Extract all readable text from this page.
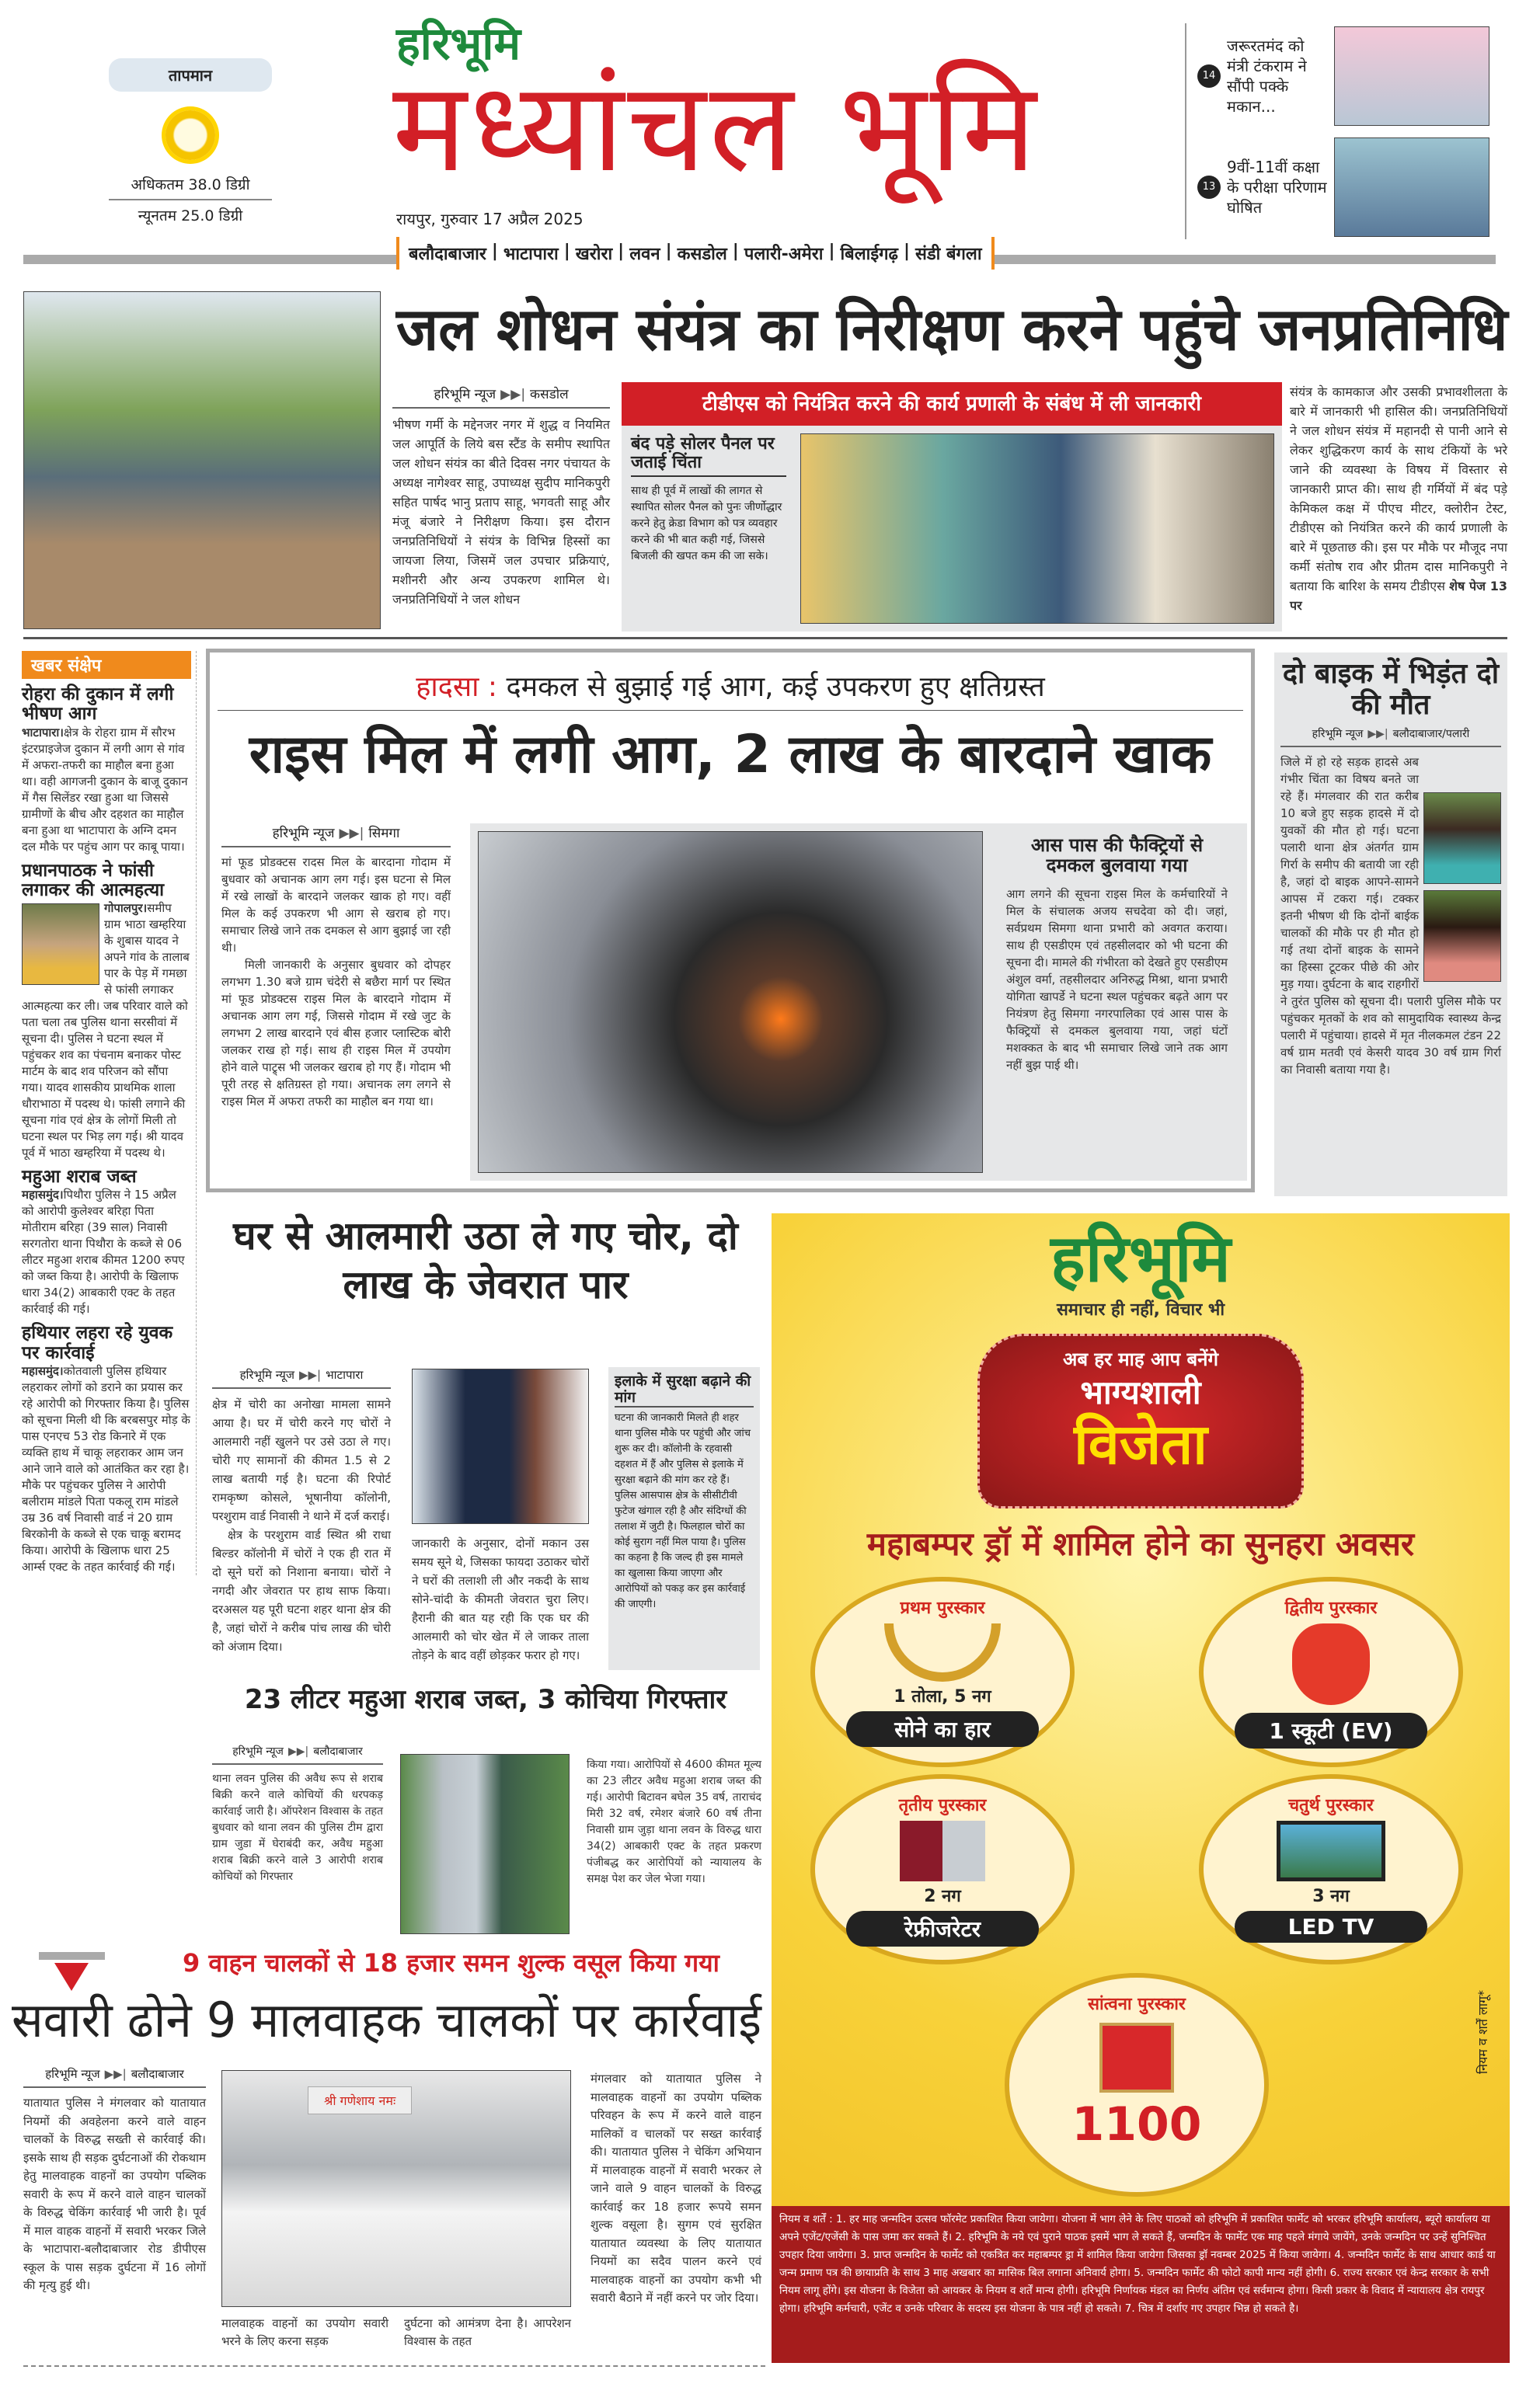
तापमान
अधिकतम 38.0 डिग्री
न्यूनतम 25.0 डिग्री
हरिभूमि
मध्यांचल भूमि
रायपुर, गुरुवार 17 अप्रैल 2025
14
जरूरतमंद को मंत्री टंकराम ने सौंपी पक्के मकान...
13
9वीं-11वीं कक्षा के परीक्षा परिणाम घोषित
बलौदाबाजार | भाटापारा | खरोरा | लवन | कसडोल | पलारी-अमेरा | बिलाईगढ़ | संडी बंगला
जल शोधन संयंत्र का निरीक्षण करने पहुंचे जनप्रतिनिधि
हरिभूमि न्यूज ▶▶| कसडोल
भीषण गर्मी के मद्देनजर नगर में शुद्ध व नियमित जल आपूर्ति के लिये बस स्टैंड के समीप स्थापित जल शोधन संयंत्र का बीते दिवस नगर पंचायत के अध्यक्ष नागेश्वर साहू, उपाध्यक्ष सुदीप मानिकपुरी सहित पार्षद भानु प्रताप साहू, भगवती साहू और मंजू बंजारे ने निरीक्षण किया। इस दौरान जनप्रतिनिधियों ने संयंत्र के विभिन्न हिस्सों का जायजा लिया, जिसमें जल उपचार प्रक्रियाएं, मशीनरी और अन्य उपकरण शामिल थे। जनप्रतिनिधियों ने जल शोधन
टीडीएस को नियंत्रित करने की कार्य प्रणाली के संबंध में ली जानकारी
बंद पड़े सोलर पैनल पर जताई चिंता
साथ ही पूर्व में लाखों की लागत से स्थापित सोलर पैनल को पुनः जीर्णोद्धार करने हेतु क्रेडा विभाग को पत्र व्यवहार करने की भी बात कही गई, जिससे बिजली की खपत कम की जा सके।
संयंत्र के कामकाज और उसकी प्रभावशीलता के बारे में जानकारी भी हासिल की। जनप्रतिनिधियों ने जल शोधन संयंत्र में महानदी से पानी आने से लेकर शुद्धिकरण कार्य के साथ टंकियों के भरे जाने की व्यवस्था के विषय में विस्तार से जानकारी प्राप्त की। साथ ही गर्मियों में बंद पड़े केमिकल कक्ष में पीएच मीटर, क्लोरीन टेस्ट, टीडीएस को नियंत्रित करने की कार्य प्रणाली के बारे में पूछताछ की। इस पर मौके पर मौजूद नपा कर्मी संतोष राव और प्रीतम दास मानिकपुरी ने बताया कि बारिश के समय टीडीएस शेष पेज 13 पर
खबर संक्षेप
रोहरा की दुकान में लगी भीषण आग
भाटापारा।क्षेत्र के रोहरा ग्राम में सौरभ इंटरप्राइजेज दुकान में लगी आग से गांव में अफरा-तफरी का माहौल बना हुआ था। वही आगजनी दुकान के बाजू दुकान में गैस सिलेंडर रखा हुआ था जिससे ग्रामीणों के बीच और दहशत का माहौल बना हुआ था भाटापारा के अग्नि दमन दल मौके पर पहुंच आग पर काबू पाया।
प्रधानपाठक ने फांसी लगाकर की आत्महत्या
गोपालपुर।समीप ग्राम भाठा खम्हरिया के शुबास यादव ने अपने गांव के तालाब पार के पेड़ में गमछा से फांसी लगाकर आत्महत्या कर ली। जब परिवार वाले को पता चला तब पुलिस थाना सरसीवां में सूचना दी। पुलिस ने घटना स्थल में पहुंचकर शव का पंचनाम बनाकर पोस्ट मार्टम के बाद शव परिजन को सौंपा गया। यादव शासकीय प्राथमिक शाला धौराभाठा में पदस्थ थे। फांसी लगाने की सूचना गांव एवं क्षेत्र के लोगों मिली तो घटना स्थल पर भिड़ लग गई। श्री यादव पूर्व में भाठा खम्हरिया में पदस्थ थे।
महुआ शराब जब्त
महासमुंद।पिथौरा पुलिस ने 15 अप्रैल को आरोपी कुलेश्वर बरिहा पिता मोतीराम बरिहा (39 साल) निवासी सरगतोरा थाना पिथौरा के कब्जे से 06 लीटर महुआ शराब कीमत 1200 रुपए को जब्त किया है। आरोपी के खिलाफ धारा 34(2) आबकारी एक्ट के तहत कार्रवाई की गई।
हथियार लहरा रहे युवक पर कार्रवाई
महासमुंद।कोतवाली पुलिस हथियार लहराकर लोगों को डराने का प्रयास कर रहे आरोपी को गिरफ्तार किया है। पुलिस को सूचना मिली थी कि बरबसपुर मोड़ के पास एनएच 53 रोड किनारे में एक व्यक्ति हाथ में चाकू लहराकर आम जन आने जाने वाले को आतंकित कर रहा है। मौके पर पहुंचकर पुलिस ने आरोपी बलीराम मांडले पिता पकलू राम मांडले उम्र 36 वर्ष निवासी वार्ड नं 20 ग्राम बिरकोनी के कब्जे से एक चाकू बरामद किया। आरोपी के खिलाफ धारा 25 आर्म्स एक्ट के तहत कार्रवाई की गई।
हादसा : दमकल से बुझाई गई आग, कई उपकरण हुए क्षतिग्रस्त
राइस मिल में लगी आग, 2 लाख के बारदाने खाक
हरिभूमि न्यूज ▶▶| सिमगा
मां फूड प्रोडक्टस रादस मिल के बारदाना गोदाम में बुधवार को अचानक आग लग गई। इस घटना से मिल में रखे लाखों के बारदाने जलकर खाक हो गए। वहीं मिल के कई उपकरण भी आग से खराब हो गए। समाचार लिखे जाने तक दमकल से आग बुझाई जा रही थी।
मिली जानकारी के अनुसार बुधवार को दोपहर लगभग 1.30 बजे ग्राम चंदेरी से बछैरा मार्ग पर स्थित मां फूड प्रोडक्टस राइस मिल के बारदाने गोदाम में अचानक आग लग गई, जिससे गोदाम में रखे जुट के लगभग 2 लाख बारदाने एवं बीस हजार प्लास्टिक बोरी जलकर राख हो गई। साथ ही राइस मिल में उपयोग होने वाले पाट्र्स भी जलकर खराब हो गए हैं। गोदाम भी पूरी तरह से क्षतिग्रस्त हो गया। अचानक लग लगने से राइस मिल में अफरा तफरी का माहौल बन गया था।
आस पास की फैक्ट्रियों से दमकल बुलवाया गया
आग लगने की सूचना राइस मिल के कर्मचारियों ने मिल के संचालक अजय सचदेवा को दी। जहां, सर्वप्रथम सिमगा थाना प्रभारी को अवगत कराया। साथ ही एसडीएम एवं तहसीलदार को भी घटना की सूचना दी। मामले की गंभीरता को देखते हुए एसडीएम अंशुल वर्मा, तहसीलदार अनिरुद्ध मिश्रा, थाना प्रभारी योगिता खापर्डे ने घटना स्थल पहुंचकर बढ़ते आग पर नियंत्रण हेतु सिमगा नगरपालिका एवं आस पास के फैक्ट्रियों से दमकल बुलवाया गया, जहां घंटों मशक्कत के बाद भी समाचार लिखे जाने तक आग नहीं बुझ पाई थी।
दो बाइक में भिड़ंत दो की मौत
हरिभूमि न्यूज ▶▶| बलौदाबाजार/पलारी
जिले में हो रहे सड़क हादसे अब गंभीर चिंता का विषय बनते जा रहे हैं। मंगलवार की रात करीब 10 बजे हुए सड़क हादसे में दो युवकों की मौत हो गई। घटना पलारी थाना क्षेत्र अंतर्गत ग्राम गिर्रा के समीप की बतायी जा रही है, जहां दो बाइक आपने-सामने आपस में टकरा गई। टक्कर इतनी भीषण थी कि दोनों बाईक चालकों की मौके पर ही मौत हो गई तथा दोनों बाइक के सामने का हिस्सा टूटकर पीछे की ओर मुड़ गया। दुर्घटना के बाद राहगीरों ने तुरंत पुलिस को सूचना दी। पलारी पुलिस मौके पर पहुंचकर मृतकों के शव को सामुदायिक स्वास्थ्य केन्द्र पलारी में पहुंचाया। हादसे में मृत नीलकमल टंडन 22 वर्ष ग्राम मतवी एवं केसरी यादव 30 वर्ष ग्राम गिर्रा का निवासी बताया गया है।
घर से आलमारी उठा ले गए चोर, दो लाख के जेवरात पार
हरिभूमि न्यूज ▶▶| भाटापारा
क्षेत्र में चोरी का अनोखा मामला सामने आया है। घर में चोरी करने गए चोरों ने आलमारी नहीं खुलने पर उसे उठा ले गए। चोरी गए सामानों की कीमत 1.5 से 2 लाख बतायी गई है। घटना की रिपोर्ट रामकृष्ण कोसले, भूषानीया कॉलोनी, परशुराम वार्ड निवासी ने थाने में दर्ज कराई।
क्षेत्र के परशुराम वार्ड स्थित श्री राधा बिल्डर कॉलोनी में चोरों ने एक ही रात में दो सूने घरों को निशाना बनाया। चोरों ने नगदी और जेवरात पर हाथ साफ किया। दरअसल यह पूरी घटना शहर थाना क्षेत्र की है, जहां चोरों ने करीब पांच लाख की चोरी को अंजाम दिया।
जानकारी के अनुसार, दोनों मकान उस समय सूने थे, जिसका फायदा उठाकर चोरों ने घरों की तलाशी ली और नकदी के साथ सोने-चांदी के कीमती जेवरात चुरा लिए। हैरानी की बात यह रही कि एक घर की आलमारी को चोर खेत में ले जाकर ताला तोड़ने के बाद वहीं छोड़कर फरार हो गए।
इलाके में सुरक्षा बढ़ाने की मांग
घटना की जानकारी मिलते ही शहर थाना पुलिस मौके पर पहुंची और जांच शुरू कर दी। कॉलोनी के रहवासी दहशत में हैं और पुलिस से इलाके में सुरक्षा बढ़ाने की मांग कर रहे हैं। पुलिस आसपास क्षेत्र के सीसीटीवी फुटेज खंगाल रही है और संदिग्धों की तलाश में जुटी है। फिलहाल चोरों का कोई सुराग नहीं मिल पाया है। पुलिस का कहना है कि जल्द ही इस मामले का खुलासा किया जाएगा और आरोपियों को पकड़ कर इस कार्रवाई की जाएगी।
23 लीटर महुआ शराब जब्त, 3 कोचिया गिरफ्तार
हरिभूमि न्यूज ▶▶| बलौदाबाजार
थाना लवन पुलिस की अवैध रूप से शराब बिक्री करने वाले कोचियों की धरपकड़ कार्रवाई जारी है। ऑपरेशन विश्वास के तहत बुधवार को थाना लवन की पुलिस टीम द्वारा ग्राम जुडा में घेराबंदी कर, अवैध महुआ शराब बिक्री करने वाले 3 आरोपी शराब कोचियों को गिरफ्तार
किया गया। आरोपियों से 4600 कीमत मूल्य का 23 लीटर अवैध महुआ शराब जब्त की गई। आरोपी बिटावन बघेल 35 वर्ष, ताराचंद मिरी 32 वर्ष, रमेशर बंजारे 60 वर्ष तीना निवासी ग्राम जुड़ा थाना लवन के विरुद्ध धारा 34(2) आबकारी एक्ट के तहत प्रकरण पंजीबद्ध कर आरोपियों को न्यायालय के समक्ष पेश कर जेल भेजा गया।
9 वाहन चालकों से 18 हजार समन शुल्क वसूल किया गया
सवारी ढोने 9 मालवाहक चालकों पर कार्रवाई
हरिभूमि न्यूज ▶▶| बलौदाबाजार
यातायात पुलिस ने मंगलवार को यातायात नियमों की अवहेलना करने वाले वाहन चालकों के विरुद्ध सख्ती से कार्रवाई की। इसके साथ ही सड़क दुर्घटनाओं की रोकथाम हेतु मालवाहक वाहनों का उपयोग पब्लिक सवारी के रूप में करने वाले वाहन चालकों के विरुद्ध चेकिंग कार्रवाई भी जारी है। पूर्व में माल वाहक वाहनों में सवारी भरकर जिले के भाटापारा-बलौदाबाजार रोड डीपीएस स्कूल के पास सड़क दुर्घटना में 16 लोगों की मृत्यु हुई थी।
श्री गणेशाय नमः
मालवाहक वाहनों का उपयोग सवारी भरने के लिए करना सड़क
दुर्घटना को आमंत्रण देना है। आपरेशन विश्वास के तहत
मंगलवार को यातायात पुलिस ने मालवाहक वाहनों का उपयोग पब्लिक परिवहन के रूप में करने वाले वाहन मालिकों व चालकों पर सख्त कार्रवाई की। यातायात पुलिस ने चेकिंग अभियान में मालवाहक वाहनों में सवारी भरकर ले जाने वाले 9 वाहन चालकों के विरुद्ध कार्रवाई कर 18 हजार रूपये समन शुल्क वसूला है। सुगम एवं सुरक्षित यातायात व्यवस्था के लिए यातायात नियमों का सदैव पालन करने एवं मालवाहक वाहनों का उपयोग कभी भी सवारी बैठाने में नहीं करने पर जोर दिया।
हरिभूमि
समाचार ही नहीं, विचार भी
अब हर माह आप बनेंगे
भाग्यशाली
विजेता
महाबम्पर ड्रॉ में शामिल होने का सुनहरा अवसर
प्रथम पुरस्कार
1 तोला, 5 नग
सोने का हार
द्वितीय पुरस्कार
1 स्कूटी (EV)
तृतीय पुरस्कार
2 नग
रेफ्रीजरेटर
चतुर्थ पुरस्कार
3 नग
LED TV
सांत्वना पुरस्कार
1100
नियम व शर्तें लागू*
नियम व शर्तें : 1. हर माह जन्मदिन उत्सव फॉरमेट प्रकाशित किया जायेगा। योजना में भाग लेने के लिए पाठकों को हरिभूमि में प्रकाशित फार्मेट को भरकर हरिभूमि कार्यालय, ब्यूरो कार्यालय या अपने एजेंट/एजेंसी के पास जमा कर सकते हैं। 2. हरिभूमि के नये एवं पुराने पाठक इसमें भाग ले सकते हैं, जन्मदिन के फार्मेट एक माह पहले मंगाये जायेंगे, उनके जन्मदिन पर उन्हें सुनिश्चित उपहार दिया जायेगा। 3. प्राप्त जन्मदिन के फार्मेट को एकत्रित कर महाबम्पर ड्रा में शामिल किया जायेगा जिसका ड्रॉ नवम्बर 2025 में किया जायेगा। 4. जन्मदिन फार्मेट के साथ आधार कार्ड या जन्म प्रमाण पत्र की छायाप्रति के साथ 3 माह अखबार का मासिक बिल लगाना अनिवार्य होगा। 5. जन्मदिन फार्मेट की फोटो कापी मान्य नहीं होगी। 6. राज्य सरकार एवं केन्द्र सरकार के सभी नियम लागू होंगे। इस योजना के विजेता को आयकर के नियम व शर्तें मान्य होगी। हरिभूमि निर्णायक मंडल का निर्णय अंतिम एवं सर्वमान्य होगा। किसी प्रकार के विवाद में न्यायालय क्षेत्र रायपुर होगा। हरिभूमि कर्मचारी, एजेंट व उनके परिवार के सदस्य इस योजना के पात्र नहीं हो सकते। 7. चित्र में दर्शाए गए उपहार भिन्न हो सकते है।
